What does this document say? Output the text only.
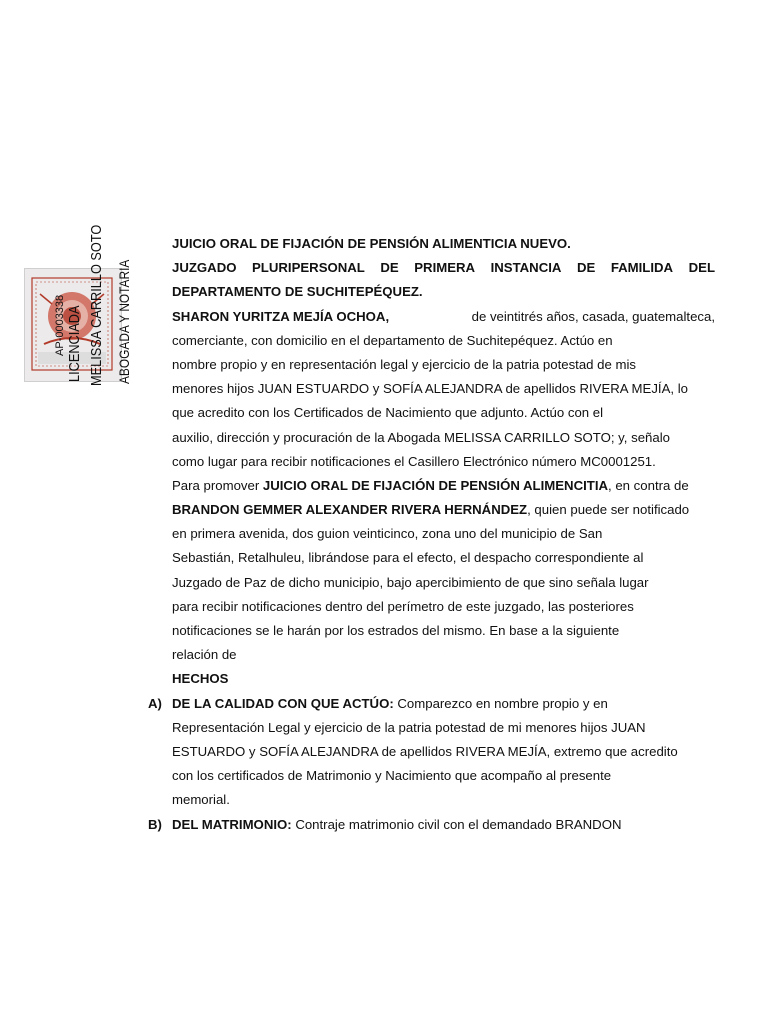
AP-0003338 LICENCIADA MELISSA CARRILLO SOTO ABOGADA Y NOTARIA
JUICIO ORAL DE FIJACIÓN DE PENSIÓN ALIMENTICIA NUEVO.
JUZGADO PLURIPERSONAL DE PRIMERA INSTANCIA DE FAMILIDA DEL
DEPARTAMENTO DE SUCHITEPÉQUEZ.
SHARON YURITZA MEJÍA OCHOA,	de veintitrés años, casada, guatemalteca,
comerciante, con domicilio en el departamento de Suchitepéquez. Actúo en
nombre propio y en representación legal y ejercicio de la patria potestad de mis
menores hijos JUAN ESTUARDO y SOFÍA ALEJANDRA de apellidos RIVERA MEJÍA, lo
que acredito con los Certificados de Nacimiento que adjunto. Actúo con el
auxilio, dirección y procuración de la Abogada MELISSA CARRILLO SOTO; y, señalo
como lugar para recibir notificaciones el Casillero Electrónico número MC0001251.
Para promover JUICIO ORAL DE FIJACIÓN DE PENSIÓN ALIMENCITIA, en contra de
BRANDON GEMMER ALEXANDER RIVERA HERNÁNDEZ, quien puede ser notificado
en primera avenida, dos guion veinticinco, zona uno del municipio de San
Sebastián, Retalhuleu, librándose para el efecto, el despacho correspondiente al
Juzgado de Paz de dicho municipio, bajo apercibimiento de que sino señala lugar
para recibir notificaciones dentro del perímetro de este juzgado, las posteriores
notificaciones se le harán por los estrados del mismo. En base a la siguiente
relación de
HECHOS
A) DE LA CALIDAD CON QUE ACTÚO: Comparezco en nombre propio y en
Representación Legal y ejercicio de la patria potestad de mi menores hijos JUAN
ESTUARDO y SOFÍA ALEJANDRA de apellidos RIVERA MEJÍA, extremo que acredito
con los certificados de Matrimonio y Nacimiento que acompaño al presente
memorial.
B) DEL MATRIMONIO: Contraje matrimonio civil con el demandado BRANDON
